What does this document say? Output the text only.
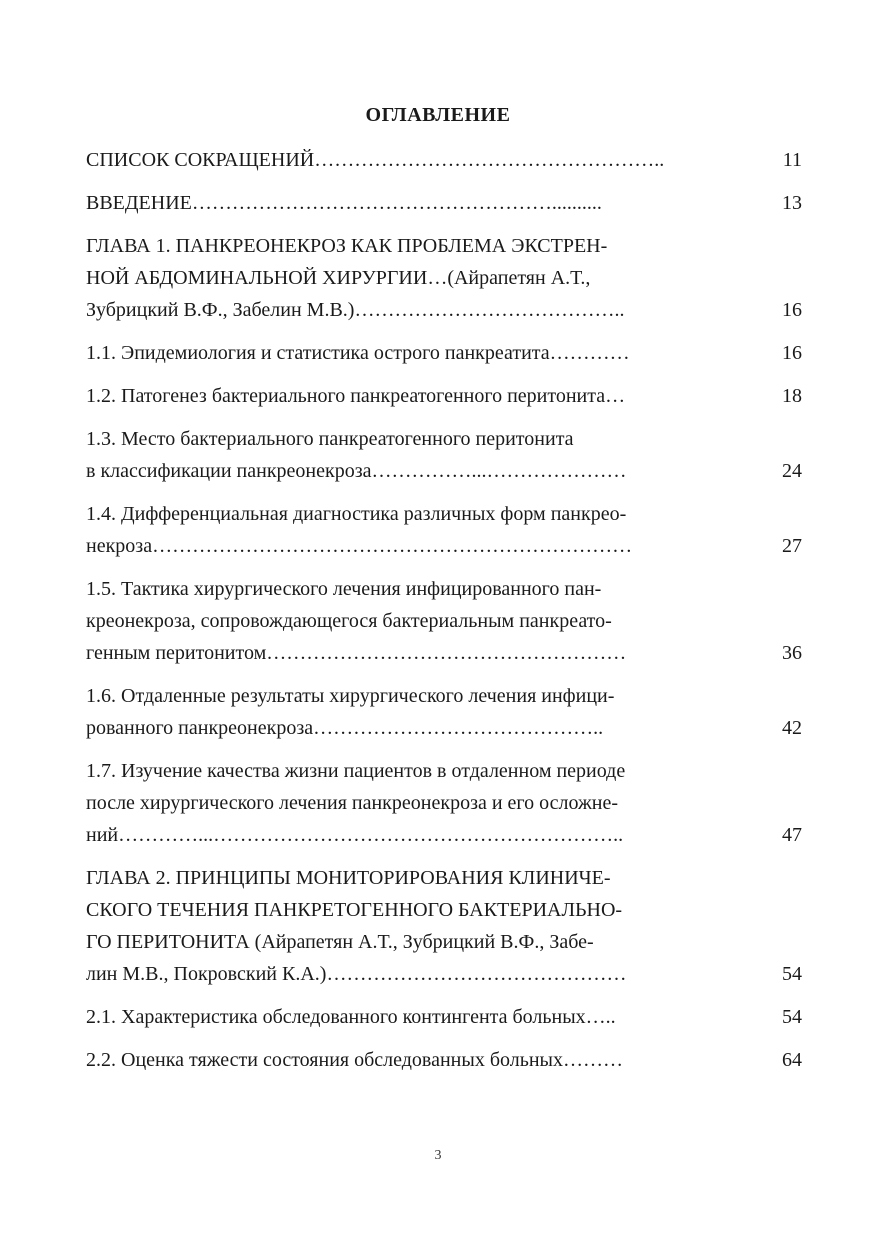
ОГЛАВЛЕНИЕ
СПИСОК СОКРАЩЕНИЙ……………………………………………..	11
ВВЕДЕНИЕ………………………………………………..........	13
ГЛАВА 1. ПАНКРЕОНЕКРОЗ КАК ПРОБЛЕМА ЭКСТРЕН-
НОЙ АБДОМИНАЛЬНОЙ ХИРУРГИИ…(Айрапетян А.Т.,
Зубрицкий В.Ф., Забелин М.В.)…………………………………..	16
1.1. Эпидемиология и статистика острого панкреатита…………	16
1.2. Патогенез бактериального панкреатогенного перитонита…	18
1.3. Место бактериального панкреатогенного перитонита
в классификации панкреонекроза……………...…………………	24
1.4. Дифференциальная диагностика различных форм панкрео-
некроза………………………………………………………………	27
1.5. Тактика хирургического лечения инфицированного пан-
креонекроза, сопровождающегося бактериальным панкреато-
генным перитонитом………………………………………………	36
1.6. Отдаленные результаты хирургического лечения инфици-
рованного панкреонекроза……………………………………..	42
1.7. Изучение качества жизни пациентов в отдаленном периоде
после хирургического лечения панкреонекроза и его осложне-
ний…………...……………………………………………………..	47
ГЛАВА 2. ПРИНЦИПЫ МОНИТОРИРОВАНИЯ КЛИНИЧЕ-
СКОГО ТЕЧЕНИЯ ПАНКРЕТОГЕННОГО БАКТЕРИАЛЬНО-
ГО ПЕРИТОНИТА (Айрапетян А.Т., Зубрицкий В.Ф., Забе-
лин М.В., Покровский К.А.)………………………………………	54
2.1. Характеристика обследованного контингента больных…..	54
2.2. Оценка тяжести состояния обследованных больных………	64
3
